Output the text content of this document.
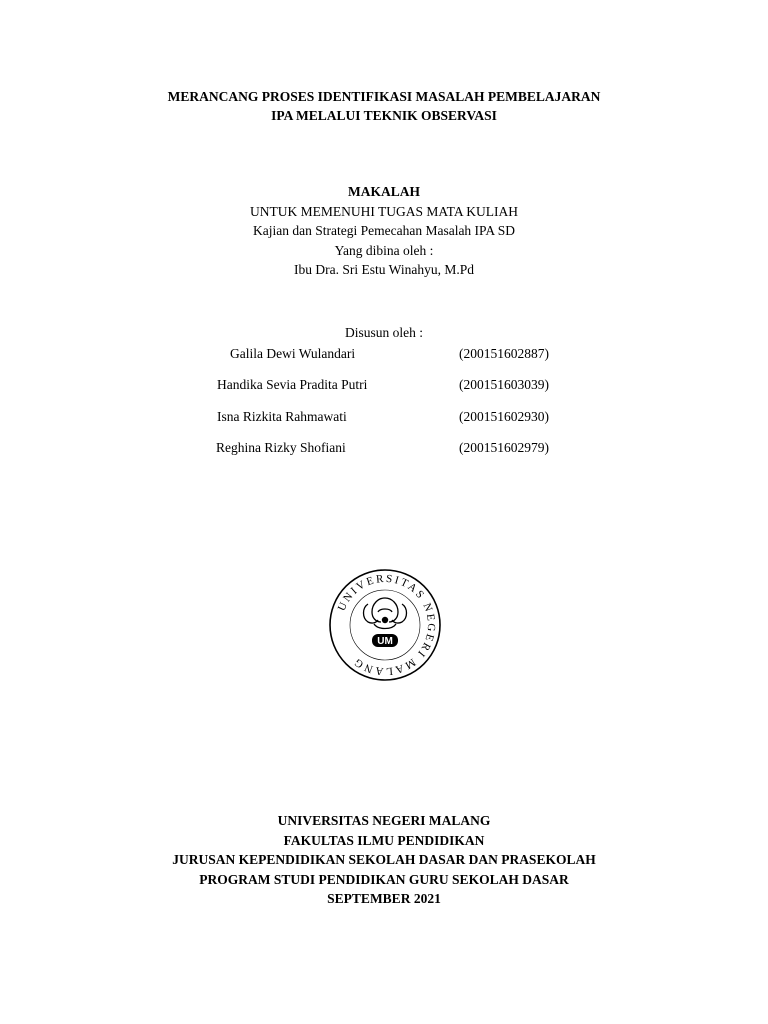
MERANCANG PROSES IDENTIFIKASI MASALAH PEMBELAJARAN
IPA MELALUI TEKNIK OBSERVASI
MAKALAH
UNTUK MEMENUHI TUGAS MATA KULIAH
Kajian dan Strategi Pemecahan Masalah IPA SD
Yang dibina oleh :
Ibu Dra. Sri Estu Winahyu, M.Pd
Disusun oleh :
Galila Dewi Wulandari	(200151602887)
Handika Sevia Pradita Putri	(200151603039)
Isna Rizkita Rahmawati	(200151602930)
Reghina Rizky Shofiani	(200151602979)
UNIVERSITAS NEGERI MALANG
UM
UNIVERSITAS NEGERI MALANG
FAKULTAS ILMU PENDIDIKAN
JURUSAN KEPENDIDIKAN SEKOLAH DASAR DAN PRASEKOLAH
PROGRAM STUDI PENDIDIKAN GURU SEKOLAH DASAR
SEPTEMBER 2021
